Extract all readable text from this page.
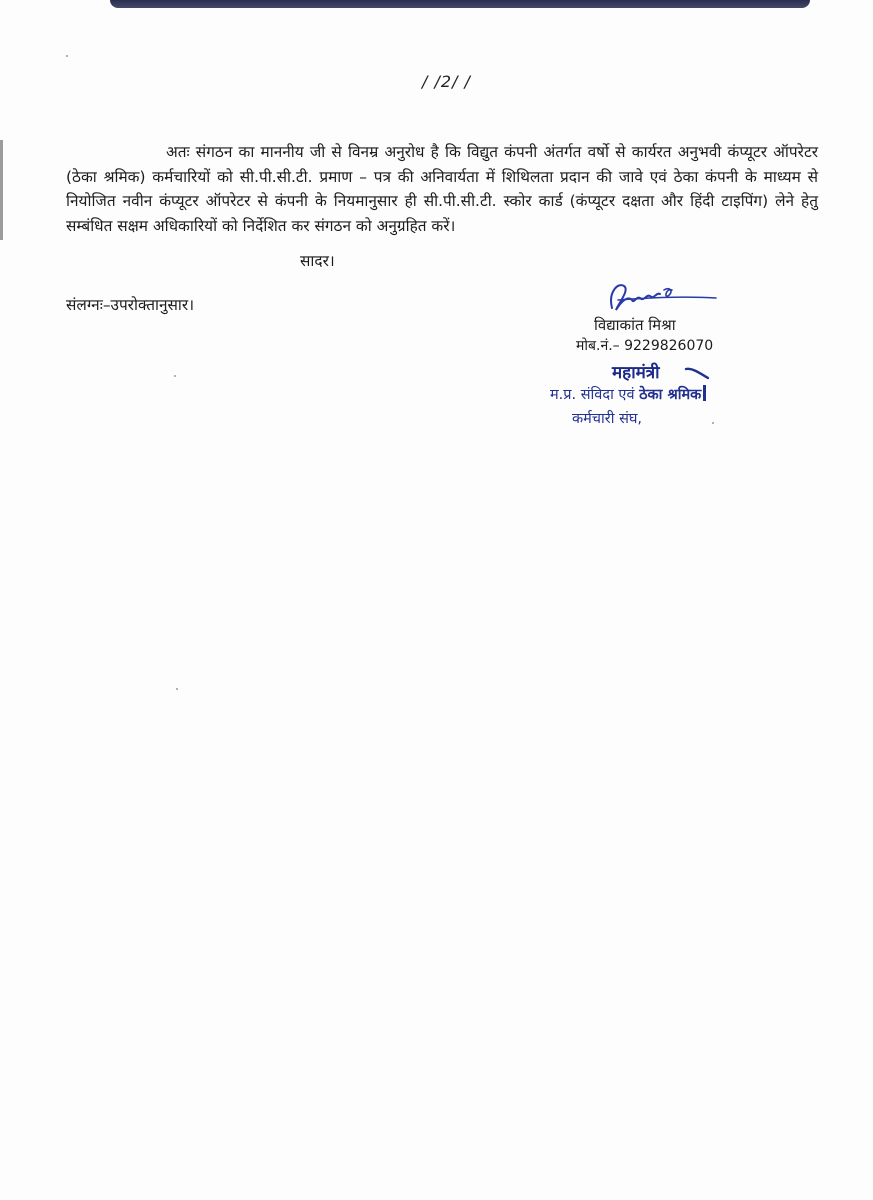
/ /2/ /
अतः संगठन का माननीय जी से विनम्र अनुरोध है कि विद्युत कंपनी अंतर्गत वर्षो से कार्यरत अनुभवी कंप्यूटर ऑपरेटर (ठेका श्रमिक) कर्मचारियों को सी.पी.सी.टी. प्रमाण – पत्र की अनिवार्यता में शिथिलता प्रदान की जावे एवं ठेका कंपनी के माध्यम से नियोजित नवीन कंप्यूटर ऑपरेटर से कंपनी के नियमानुसार ही सी.पी.सी.टी. स्कोर कार्ड (कंप्यूटर दक्षता और हिंदी टाइपिंग) लेने हेतु सम्बंधित सक्षम अधिकारियों को निर्देशित कर संगठन को अनुग्रहित करें।
सादर।
संलग्नः–उपरोक्तानुसार।
विद्याकांत मिश्रा
मोब.नं.– 9229826070
महामंत्री
म.प्र. संविदा एवं ठेका श्रमिक
कर्मचारी संघ,
